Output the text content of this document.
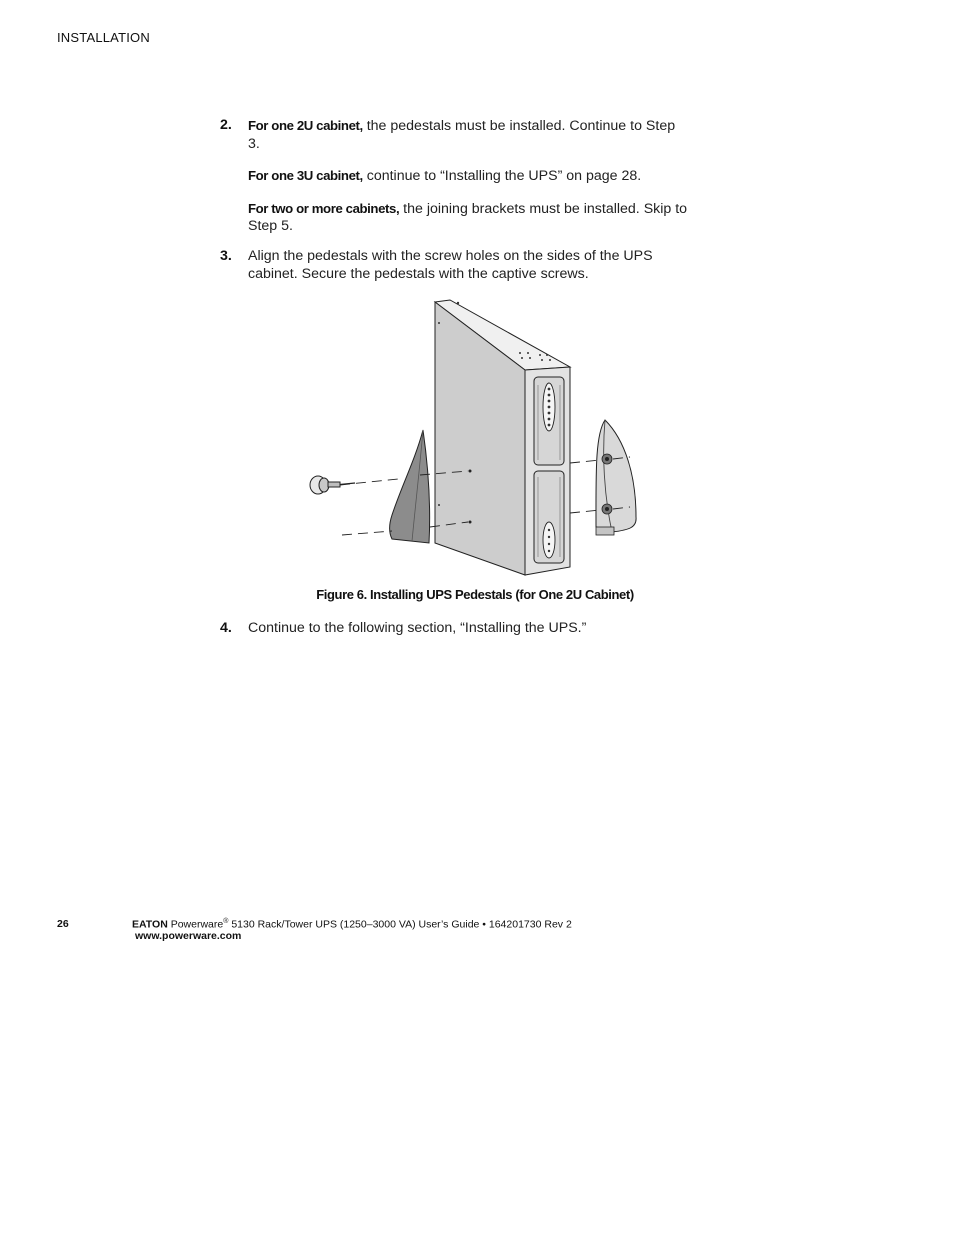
INSTALLATION
2. For one 2U cabinet, the pedestals must be installed. Continue to Step 3.

For one 3U cabinet, continue to “Installing the UPS” on page 28.

For two or more cabinets, the joining brackets must be installed. Skip to Step 5.

3. Align the pedestals with the screw holes on the sides of the UPS cabinet. Secure the pedestals with the captive screws.

Figure 6. Installing UPS Pedestals (for One 2U Cabinet)
4. Continue to the following section, “Installing the UPS.”

26	EATON Powerware® 5130 Rack/Tower UPS (1250–3000 VA) User’s Guide • 164201730 Rev 2
www.powerware.com
